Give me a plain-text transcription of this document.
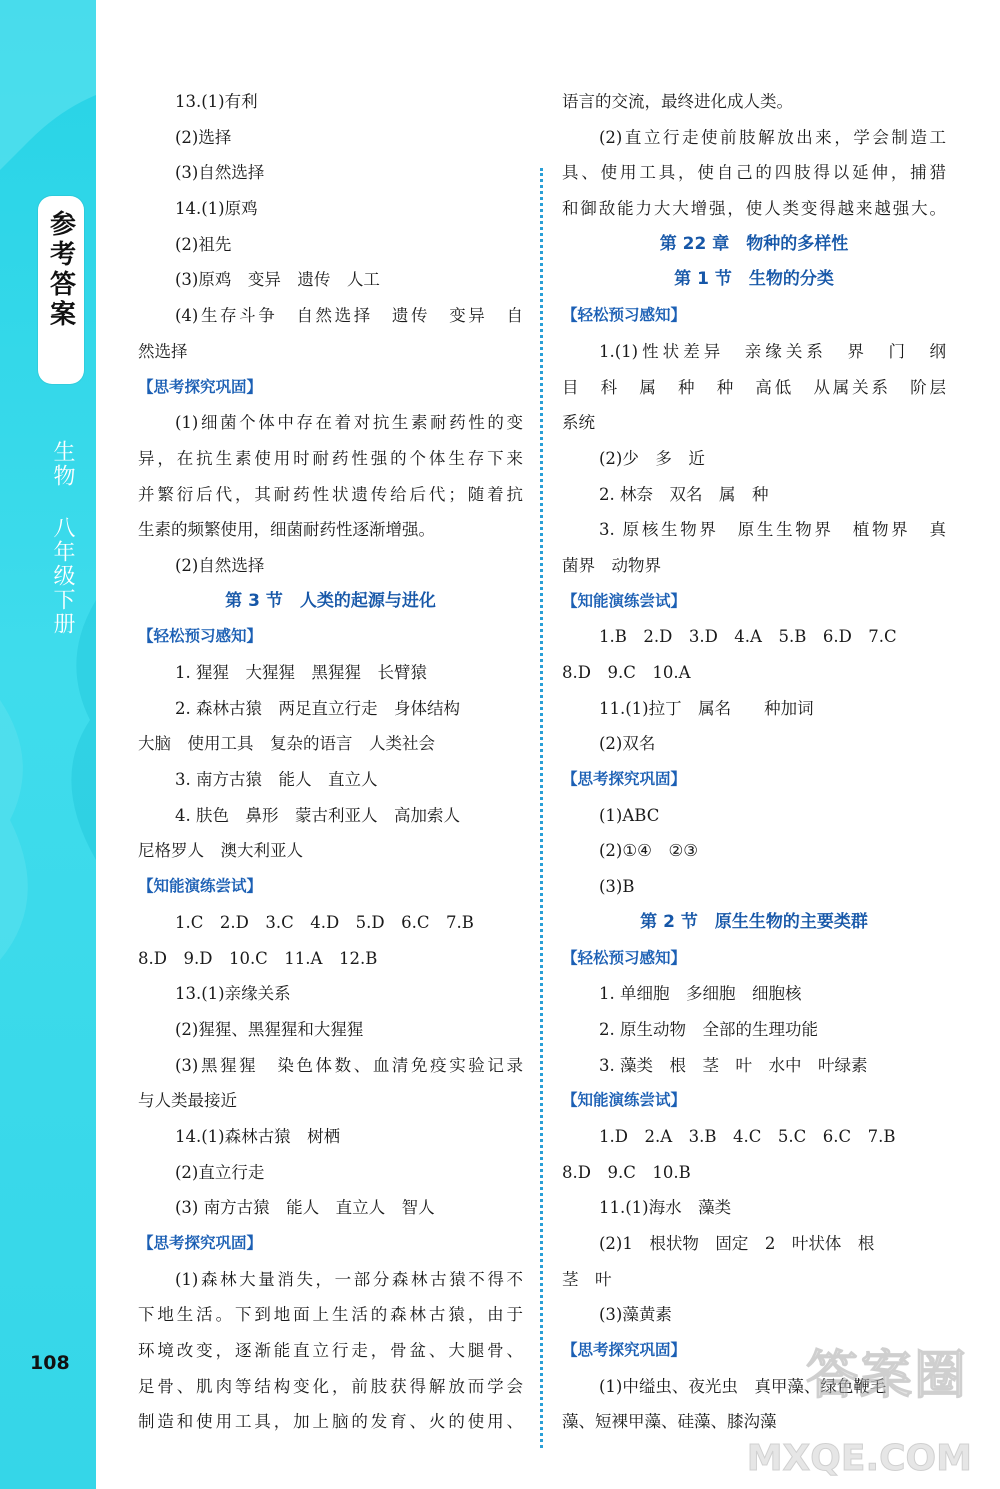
参考答案
生物八年级下册
108
13.(1)有利
(2)选择
(3)自然选择
14.(1)原鸡
(2)祖先
(3)原鸡　变异　遗传　人工
(4)生存斗争　自然选择　遗传　变异　自
然选择
【思考探究巩固】
(1)细菌个体中存在着对抗生素耐药性的变
异，在抗生素使用时耐药性强的个体生存下来
并繁衍后代，其耐药性状遗传给后代；随着抗
生素的频繁使用，细菌耐药性逐渐增强。
(2)自然选择
第 3 节　人类的起源与进化
【轻松预习感知】
1. 猩猩　大猩猩　黑猩猩　长臂猿
2. 森林古猿　两足直立行走　身体结构
大脑　使用工具　复杂的语言　人类社会
3. 南方古猿　能人　直立人
4. 肤色　鼻形　蒙古利亚人　高加索人
尼格罗人　澳大利亚人
【知能演练尝试】
1.C　2.D　3.C　4.D　5.D　6.C　7.B
8.D　9.D　10.C　11.A　12.B
13.(1)亲缘关系
(2)猩猩、黑猩猩和大猩猩
(3)黑猩猩　染色体数、血清免疫实验记录
与人类最接近
14.(1)森林古猿　树栖
(2)直立行走
(3) 南方古猿　能人　直立人　智人
【思考探究巩固】
(1)森林大量消失，一部分森林古猿不得不
下地生活。下到地面上生活的森林古猿，由于
环境改变，逐渐能直立行走，骨盆、大腿骨、
足骨、肌肉等结构变化，前肢获得解放而学会
制造和使用工具，加上脑的发育、火的使用、
语言的交流，最终进化成人类。
(2)直立行走使前肢解放出来，学会制造工
具、使用工具，使自己的四肢得以延伸，捕猎
和御敌能力大大增强，使人类变得越来越强大。
第 22 章　物种的多样性
第 1 节　生物的分类
【轻松预习感知】
1.(1)性状差异　亲缘关系　界　门　纲
目　科　属　种　种　高低　从属关系　阶层
系统
(2)少　多　近
2. 林奈　双名　属　种
3. 原核生物界　原生生物界　植物界　真
菌界　动物界
【知能演练尝试】
1.B　2.D　3.D　4.A　5.B　6.D　7.C
8.D　9.C　10.A
11.(1)拉丁　属名　　种加词
(2)双名
【思考探究巩固】
(1)ABC
(2)①④　②③
(3)B
第 2 节　原生生物的主要类群
【轻松预习感知】
1. 单细胞　多细胞　细胞核
2. 原生动物　全部的生理功能
3. 藻类　根　茎　叶　水中　叶绿素
【知能演练尝试】
1.D　2.A　3.B　4.C　5.C　6.C　7.B
8.D　9.C　10.B
11.(1)海水　藻类
(2)1　根状物　固定　2　叶状体　根
茎　叶
(3)藻黄素
【思考探究巩固】
(1)中缢虫、夜光虫　真甲藻、绿色鞭毛
藻、短裸甲藻、硅藻、膝沟藻
答案圈
MXQE.COM
